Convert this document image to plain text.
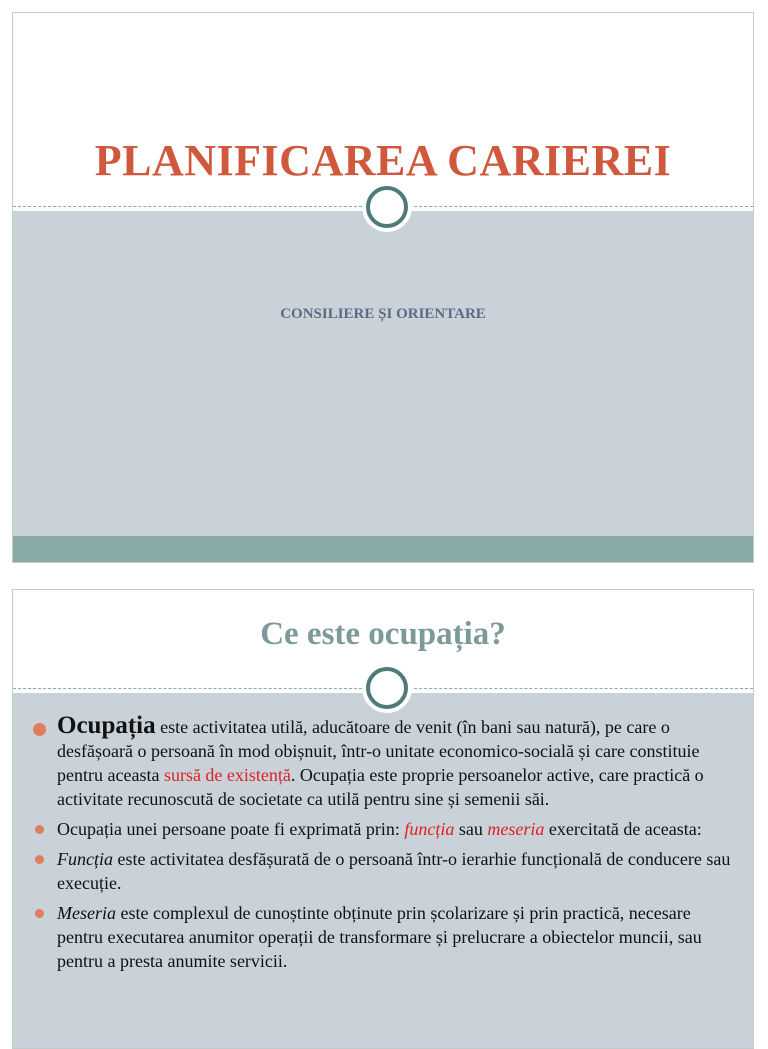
PLANIFICAREA CARIEREI
CONSILIERE ȘI ORIENTARE
Ce este ocupația?
Ocupația este activitatea utilă, aducătoare de venit (în bani sau natură), pe care o desfășoară o persoană în mod obișnuit, într-o unitate economico-socială și care constituie pentru aceasta sursă de existență. Ocupația este proprie persoanelor active, care practică o activitate recunoscută de societate ca utilă pentru sine și semenii săi.
Ocupația unei persoane poate fi exprimată prin: funcția sau meseria exercitată de aceasta:
Funcția este activitatea desfășurată de o persoană într-o ierarhie funcțională de conducere sau execuție.
Meseria este complexul de cunoștinte obținute prin școlarizare și prin practică, necesare pentru executarea anumitor operații de transformare și prelucrare a obiectelor muncii, sau pentru a presta anumite servicii.
